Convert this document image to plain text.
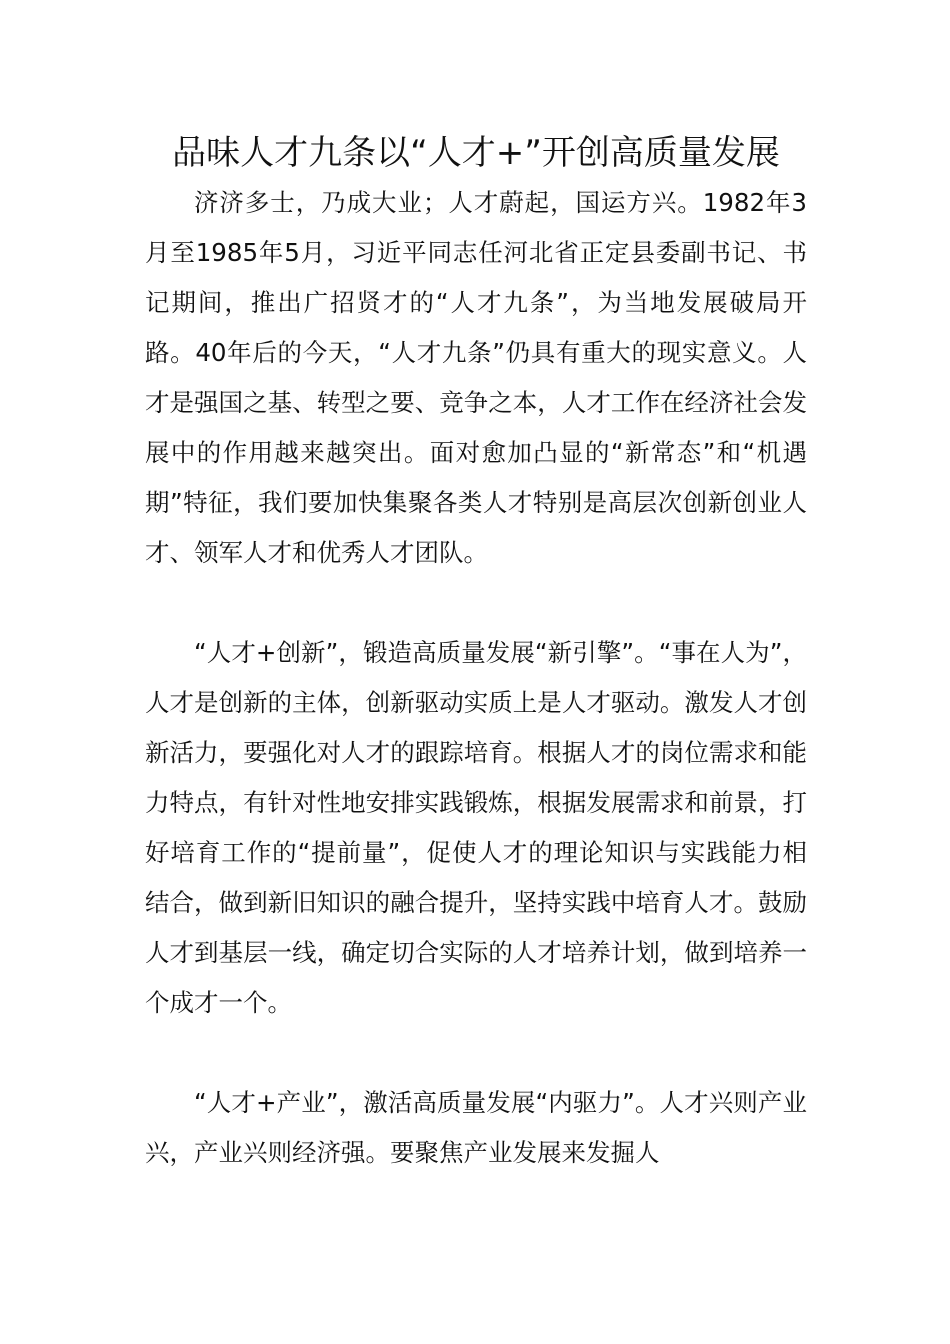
品味人才九条以“人才+”开创高质量发展

济济多士，乃成大业；人才蔚起，国运方兴。1982年3月至1985年5月，习近平同志任河北省正定县委副书记、书记期间，推出广招贤才的“人才九条”，为当地发展破局开路。40年后的今天，“人才九条”仍具有重大的现实意义。人才是强国之基、转型之要、竞争之本，人才工作在经济社会发展中的作用越来越突出。面对愈加凸显的“新常态”和“机遇期”特征，我们要加快集聚各类人才特别是高层次创新创业人才、领军人才和优秀人才团队。

“人才+创新”，锻造高质量发展“新引擎”。“事在人为”，人才是创新的主体，创新驱动实质上是人才驱动。激发人才创新活力，要强化对人才的跟踪培育。根据人才的岗位需求和能力特点，有针对性地安排实践锻炼，根据发展需求和前景，打好培育工作的“提前量”，促使人才的理论知识与实践能力相结合，做到新旧知识的融合提升，坚持实践中培育人才。鼓励人才到基层一线，确定切合实际的人才培养计划，做到培养一个成才一个。

“人才+产业”，激活高质量发展“内驱力”。人才兴则产业兴，产业兴则经济强。要聚焦产业发展来发掘人
